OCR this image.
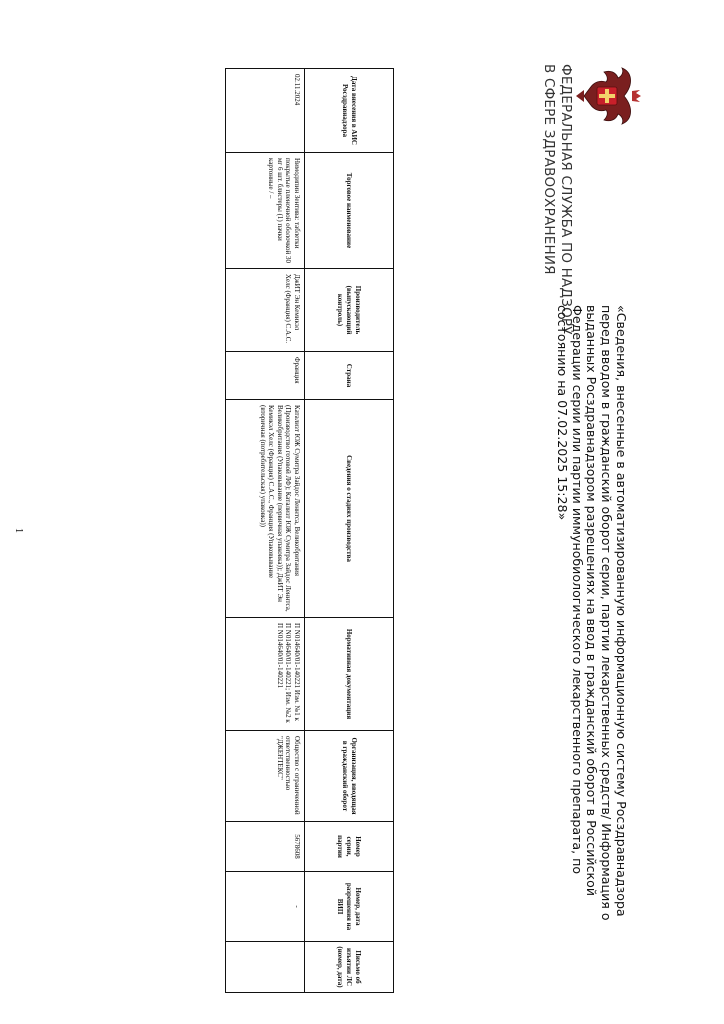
ФЕДЕРАЛЬНАЯ СЛУЖБА ПО НАДЗОРУ
В СФЕРЕ ЗДРАВООХРАНЕНИЯ
«Сведения, внесенные в автоматизированную информационную систему Росздравнадзора перед вводом в гражданский оборот серии, партии лекарственных средств/ Информация о выданных Росздравнадзором разрешениях на ввод в гражданский оборот в Российской Федерации серии или партии иммунобиологического лекарственного препарата, по состоянию на 07.02.2025 15:28»
Дата внесения в АИС Росздравнадзора	Торговое наименование	Производитель (выпускающий контроль)	Страна	Сведения о стадиях производства	Нормативная документация	Организация, вводящая в гражданский оборот	Номер серии, партии	Номер, дата разрешения на ВИП	Письмо об изъятии ЛС (номер, дата)
02.11.2024	Нимодипин Зентива: таблетки покрытые пленочной оболочкой 30 мг 6 шт. блистеры (1) пачки картонные / –	ДжИТ Эн Кемикэл Хелс (Франция) С.А.С.	Франция	Катализт ЮЖ Сумитра Зайдос Леннтса, Великобритания (Производство готовой ЛФ); Катализт ЮЖ Сумитра Зайдос Леннтса, Великобритания (Упаковывание (первичная упаковка)); ДжИТ Эн Кемикэл Хелс (Франция) С.А.С., Франция (Упаковывание (вторичная (потребительская) упаковка))	П N014640/01-140221 Изм. №1 к П N014640/01-140221; Изм. №2 к П N014640/01-140221	Общество с ограниченной ответственностью "ДЖЕНТЕКС"	5678608	-	
1
